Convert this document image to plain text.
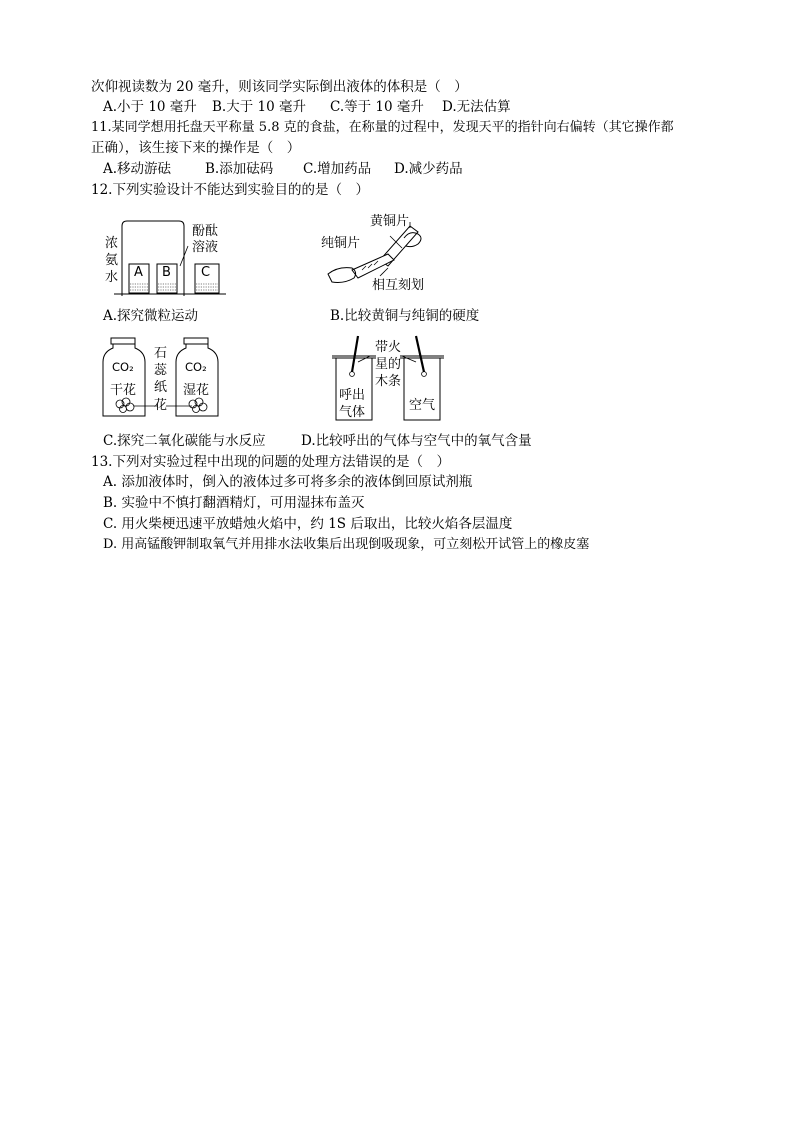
次仰视读数为 20 毫升，则该同学实际倒出液体的体积是（　）
A.小于 10 毫升 B.大于 10 毫升 C.等于 10 毫升 D.无法估算
11.某同学想用托盘天平称量 5.8 克的食盐，在称量的过程中，发现天平的指针向右偏转（其它操作都
正确），该生接下来的操作是（　）
A.移动游砝	B.添加砝码 C.增加药品 D.减少药品
12.下列实验设计不能达到实验目的的是（　）
浓
氨
水
酚酞
溶液
A B C
A.探究微粒运动
黄铜片
纯铜片
相互刻划
B.比较黄铜与纯铜的硬度
CO₂	CO₂
干花	湿花
石
蕊
纸
花
C.探究二氧化碳能与水反应
带火
星的
木条
呼出
气体	空气
D.比较呼出的气体与空气中的氧气含量
13.下列对实验过程中出现的问题的处理方法错误的是（　）
A. 添加液体时，倒入的液体过多可将多余的液体倒回原试剂瓶
B. 实验中不慎打翻酒精灯，可用湿抹布盖灭
C. 用火柴梗迅速平放蜡烛火焰中，约 1S 后取出，比较火焰各层温度
D. 用高锰酸钾制取氧气并用排水法收集后出现倒吸现象，可立刻松开试管上的橡皮塞
